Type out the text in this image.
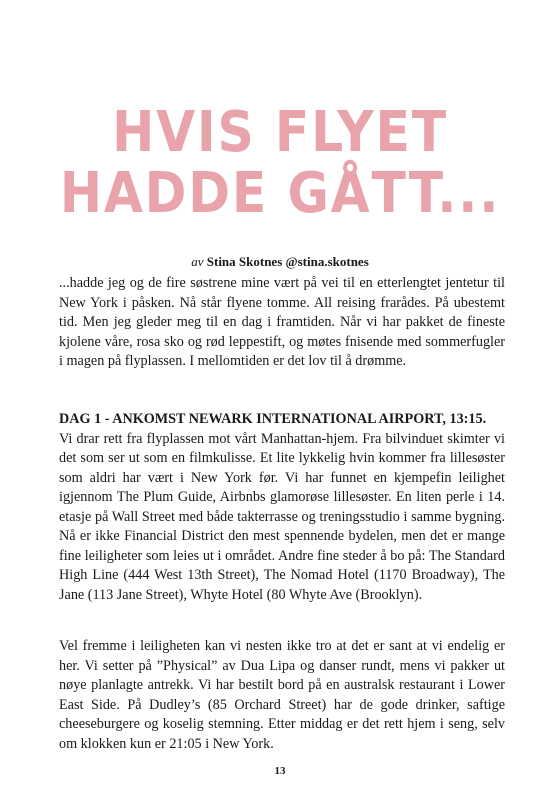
HVIS FLYET
HADDE GÅTT...

av Stina Skotnes @stina.skotnes

...hadde jeg og de fire søstrene mine vært på vei til en etterlengtet jentetur til New York i påsken. Nå står flyene tomme. All reising frarådes. På ubestemt tid. Men jeg gleder meg til en dag i framtiden. Når vi har pakket de fineste kjolene våre, rosa sko og rød leppestift, og møtes fnisende med sommerfugler i magen på flyplassen. I mellomtiden er det lov til å drømme.

DAG 1 - ANKOMST NEWARK INTERNATIONAL AIRPORT, 13:15.
Vi drar rett fra flyplassen mot vårt Manhattan-hjem. Fra bilvinduet skimter vi det som ser ut som en filmkulisse. Et lite lykkelig hvin kommer fra lillesøster som aldri har vært i New York før. Vi har funnet en kjempefin leilighet igjennom The Plum Guide, Airbnbs glamorøse lillesøster. En liten perle i 14. etasje på Wall Street med både takterrasse og treningsstudio i samme bygning. Nå er ikke Financial District den mest spennende bydelen, men det er mange fine leiligheter som leies ut i området. Andre fine steder å bo på: The Standard High Line (444 West 13th Street), The Nomad Hotel (1170 Broadway), The Jane (113 Jane Street), Whyte Hotel (80 Whyte Ave (Brooklyn).

Vel fremme i leiligheten kan vi nesten ikke tro at det er sant at vi endelig er her. Vi setter på ”Physical” av Dua Lipa og danser rundt, mens vi pakker ut nøye planlagte antrekk. Vi har bestilt bord på en australsk restaurant i Lower East Side. På Dudley’s (85 Orchard Street) har de gode drinker, saftige cheeseburgere og koselig stemning. Etter middag er det rett hjem i seng, selv om klokken kun er 21:05 i New York.

13
